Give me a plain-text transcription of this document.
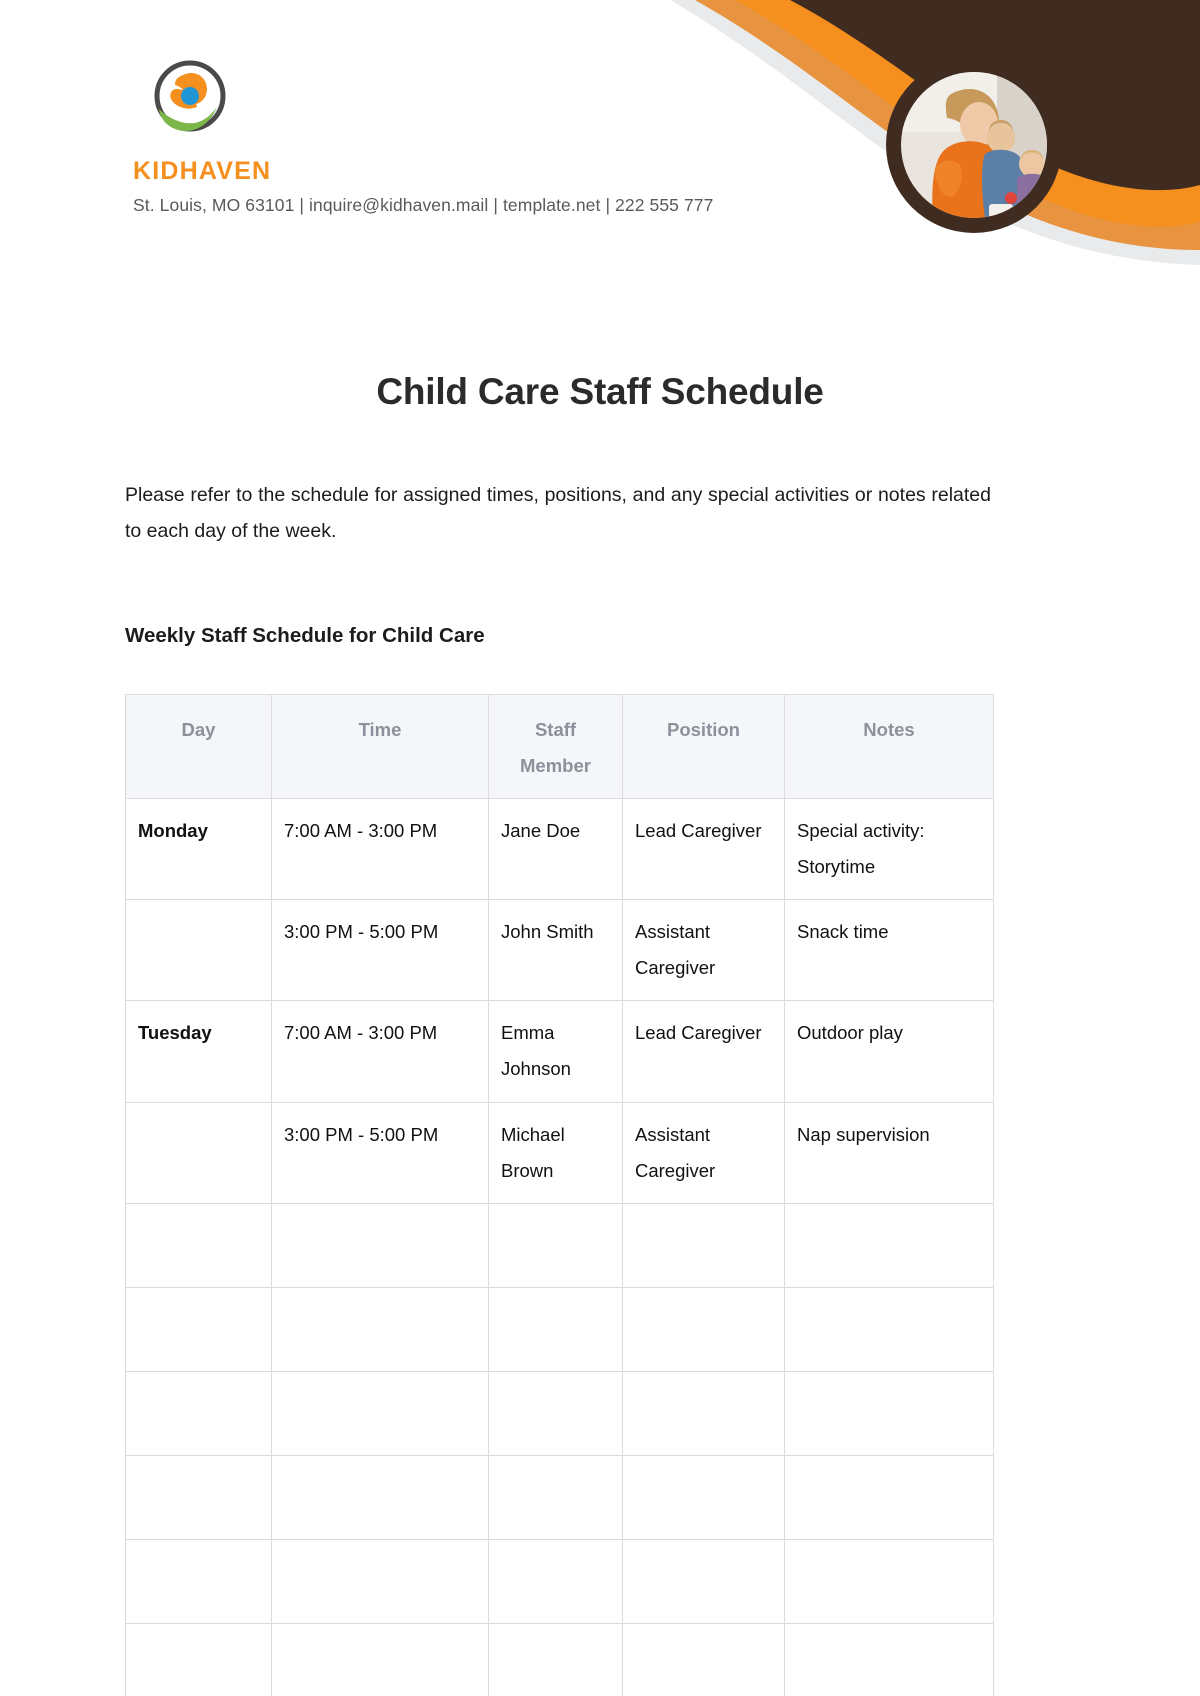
KIDHAVEN
St. Louis, MO 63101 | inquire@kidhaven.mail | template.net | 222 555 777
Child Care Staff Schedule

Please refer to the schedule for assigned times, positions, and any special activities or notes related to each day of the week.

Weekly Staff Schedule for Child Care
Day	Time	Staff Member	Position	Notes
Monday	7:00 AM - 3:00 PM	Jane Doe	Lead Caregiver	Special activity: Storytime
	3:00 PM - 5:00 PM	John Smith	Assistant Caregiver	Snack time
Tuesday	7:00 AM - 3:00 PM	Emma Johnson	Lead Caregiver	Outdoor play
	3:00 PM - 5:00 PM	Michael Brown	Assistant Caregiver	Nap supervision
